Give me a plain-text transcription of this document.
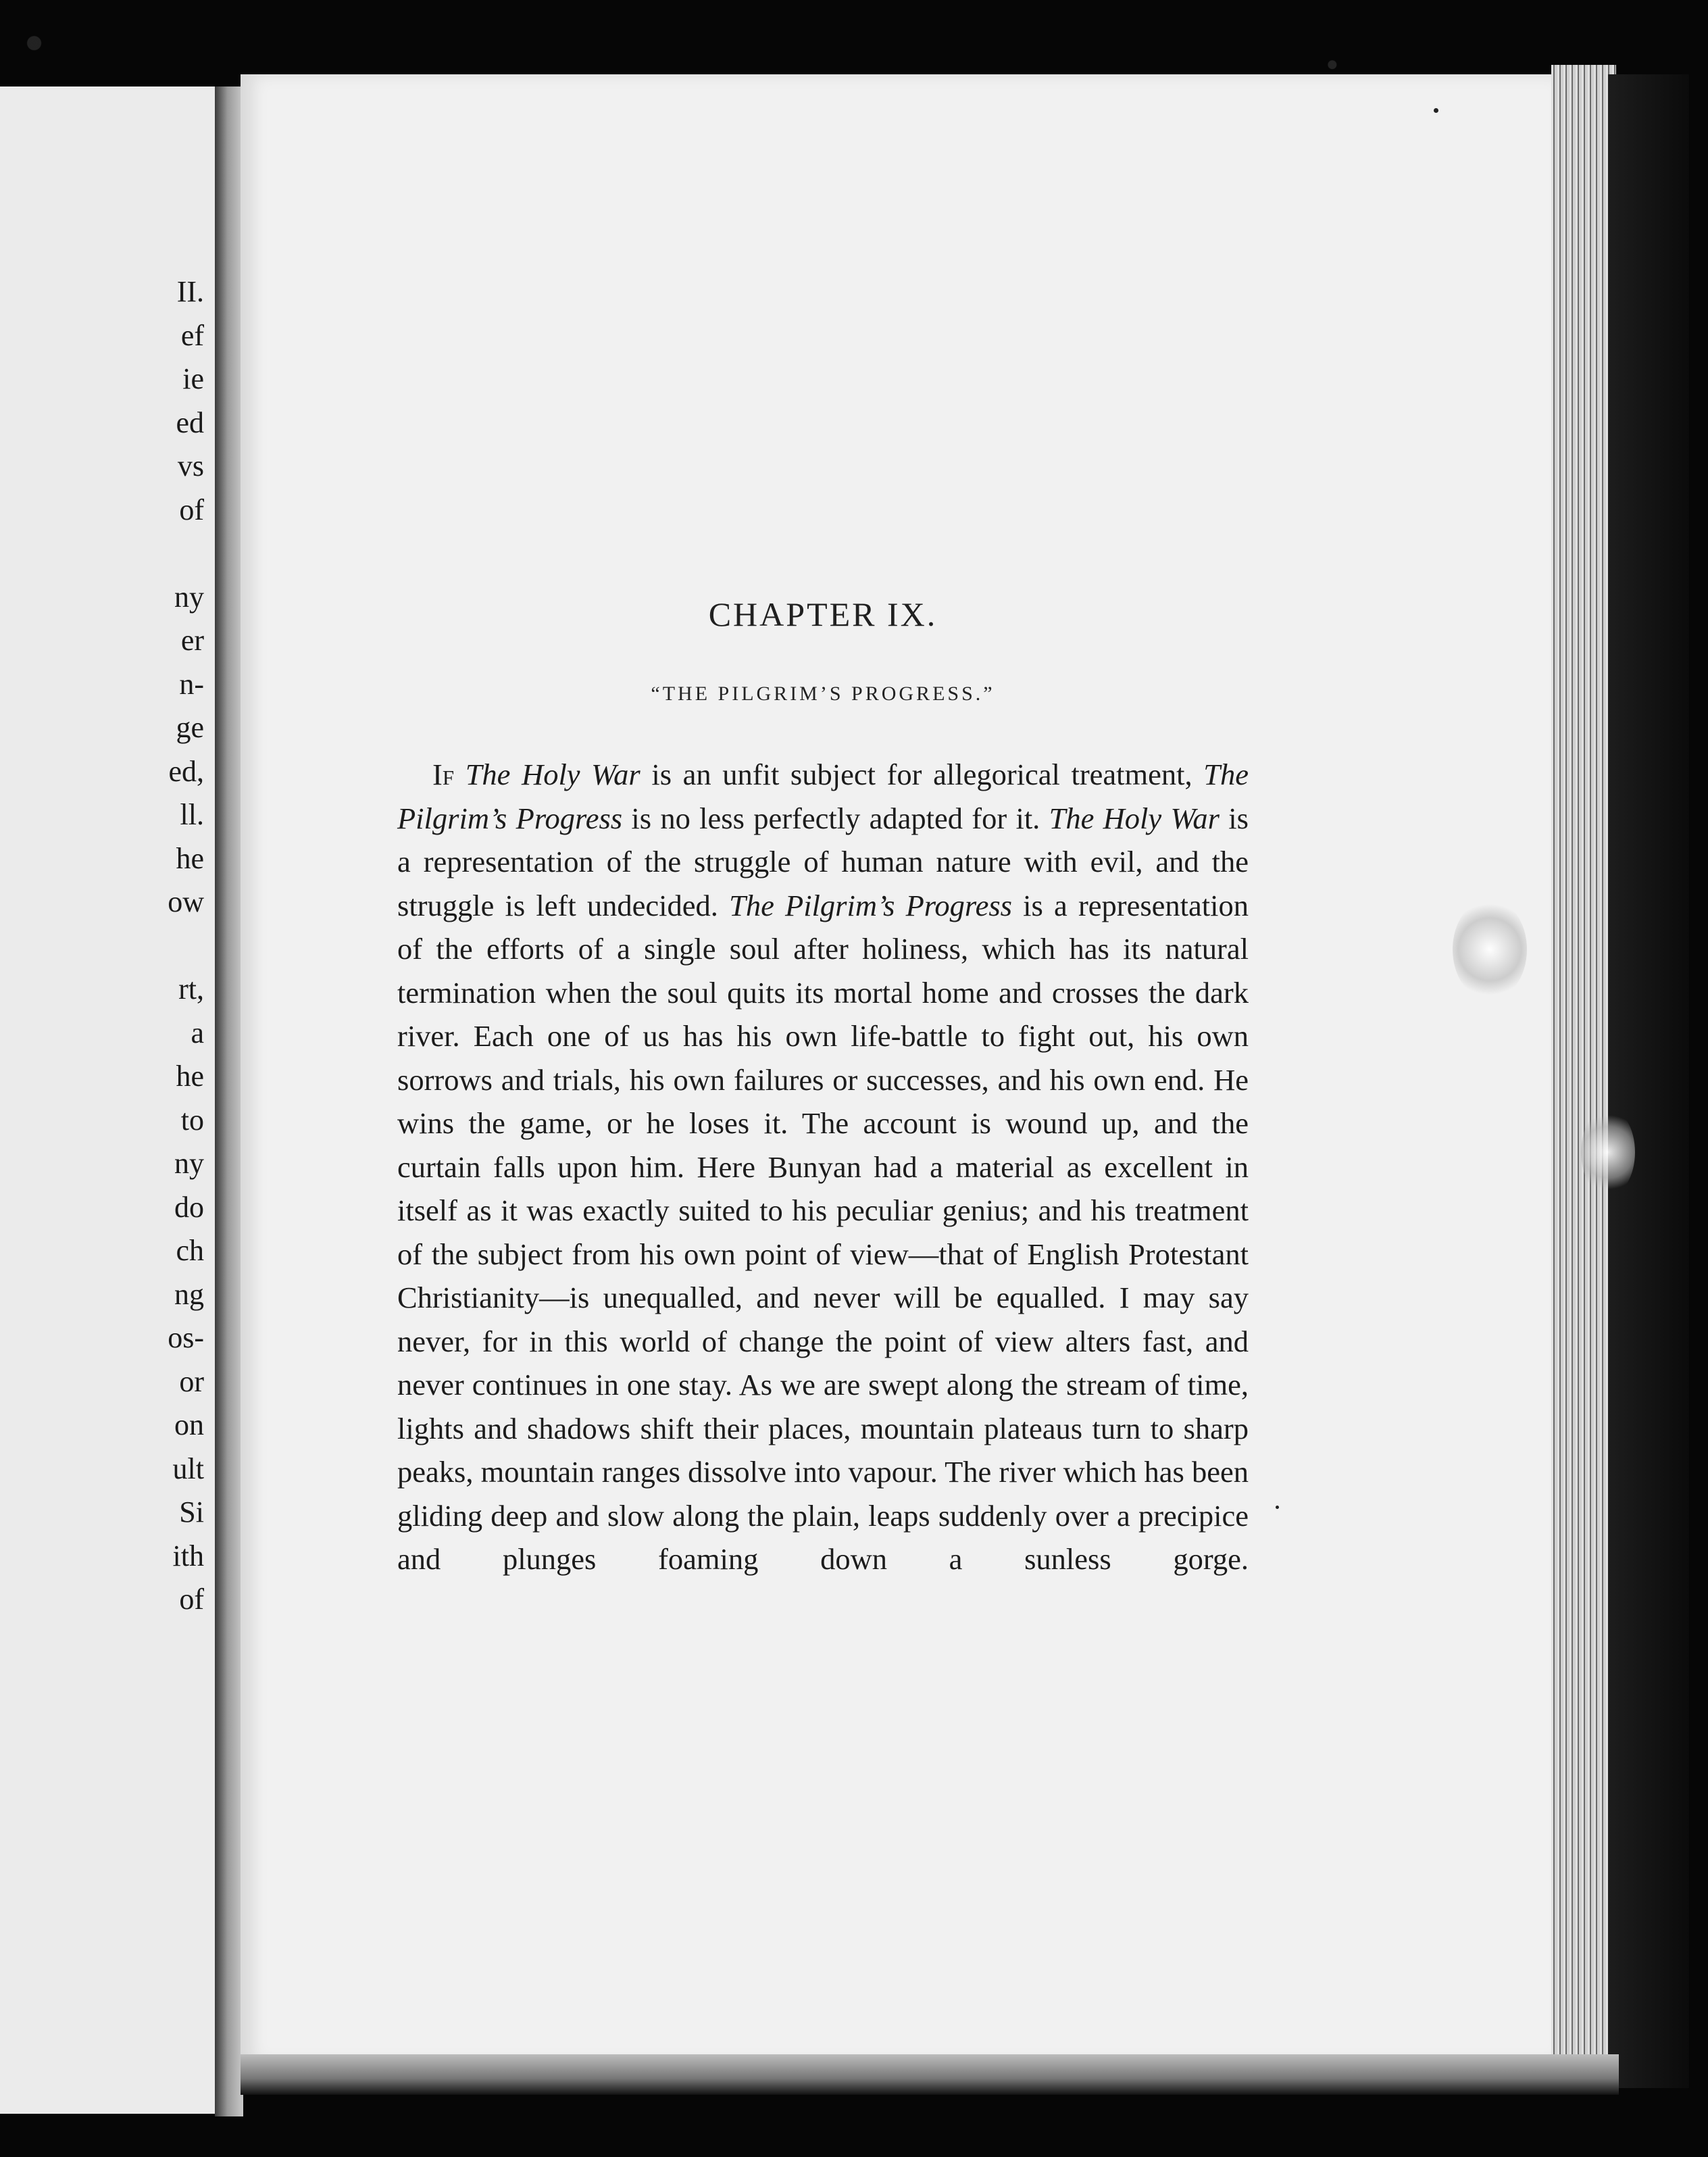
II.
ef
ie
ed
vs
of
ny
er
n-
ge
ed,
ll.
he
ow
rt,
a
he
to
ny
do
ch
ng
os-
or
on
ult
Si
ith
of
CHAPTER IX.
“THE PILGRIM’S PROGRESS.”

If The Holy War is an unfit subject for allegorical treatment, The Pilgrim’s Progress is no less perfectly adapted for it. The Holy War is a representation of the struggle of human nature with evil, and the struggle is left undecided. The Pilgrim’s Progress is a representation of the efforts of a single soul after holiness, which has its natural termination when the soul quits its mortal home and crosses the dark river. Each one of us has his own life-battle to fight out, his own sorrows and trials, his own failures or successes, and his own end. He wins the game, or he loses it. The account is wound up, and the curtain falls upon him. Here Bunyan had a material as excellent in itself as it was exactly suited to his peculiar genius; and his treatment of the subject from his own point of view—that of English Protestant Christianity—is unequalled, and never will be equalled. I may say never, for in this world of change the point of view alters fast, and never continues in one stay. As we are swept along the stream of time, lights and shadows shift their places, mountain plateaus turn to sharp peaks, mountain ranges dissolve into vapour. The river which has been gliding deep and slow along the plain, leaps suddenly over a precipice and plunges foaming down a sunless gorge.
